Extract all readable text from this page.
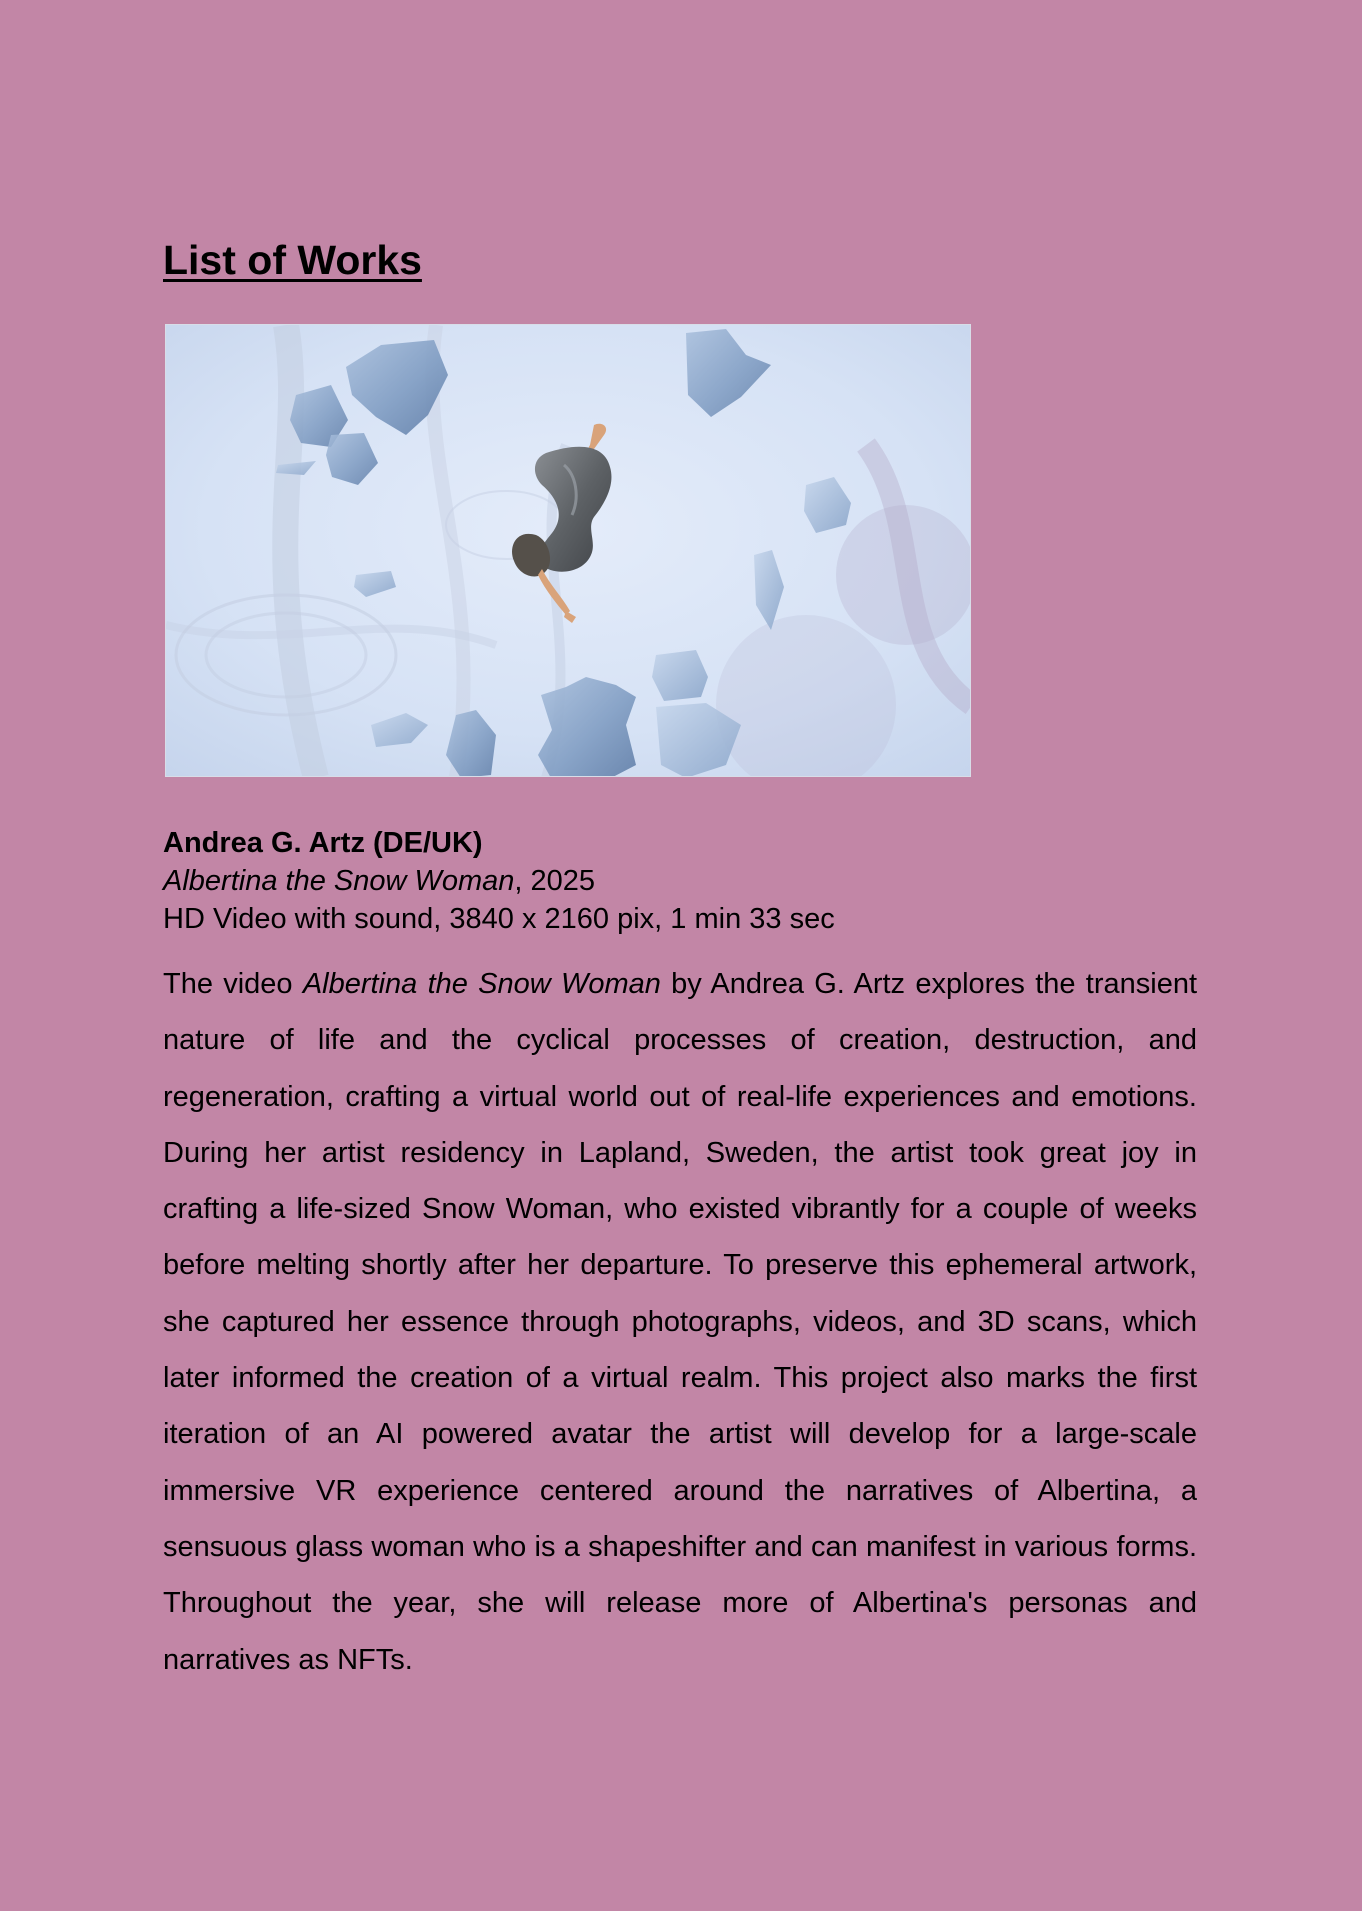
List of Works
Andrea G. Artz (DE/UK)
Albertina the Snow Woman, 2025
HD Video with sound, 3840 x 2160 pix, 1 min 33 sec

The video Albertina the Snow Woman by Andrea G. Artz explores the transient nature of life and the cyclical processes of creation, destruction, and regeneration, crafting a virtual world out of real-life experiences and emotions. During her artist residency in Lapland, Sweden, the artist took great joy in crafting a life-sized Snow Woman, who existed vibrantly for a couple of weeks before melting shortly after her departure. To preserve this ephemeral artwork, she captured her essence through photographs, videos, and 3D scans, which later informed the creation of a virtual realm. This project also marks the first iteration of an AI powered avatar the artist will develop for a large-scale immersive VR experience centered around the narratives of Albertina, a sensuous glass woman who is a shapeshifter and can manifest in various forms. Throughout the year, she will release more of Albertina's personas and narratives as NFTs.
